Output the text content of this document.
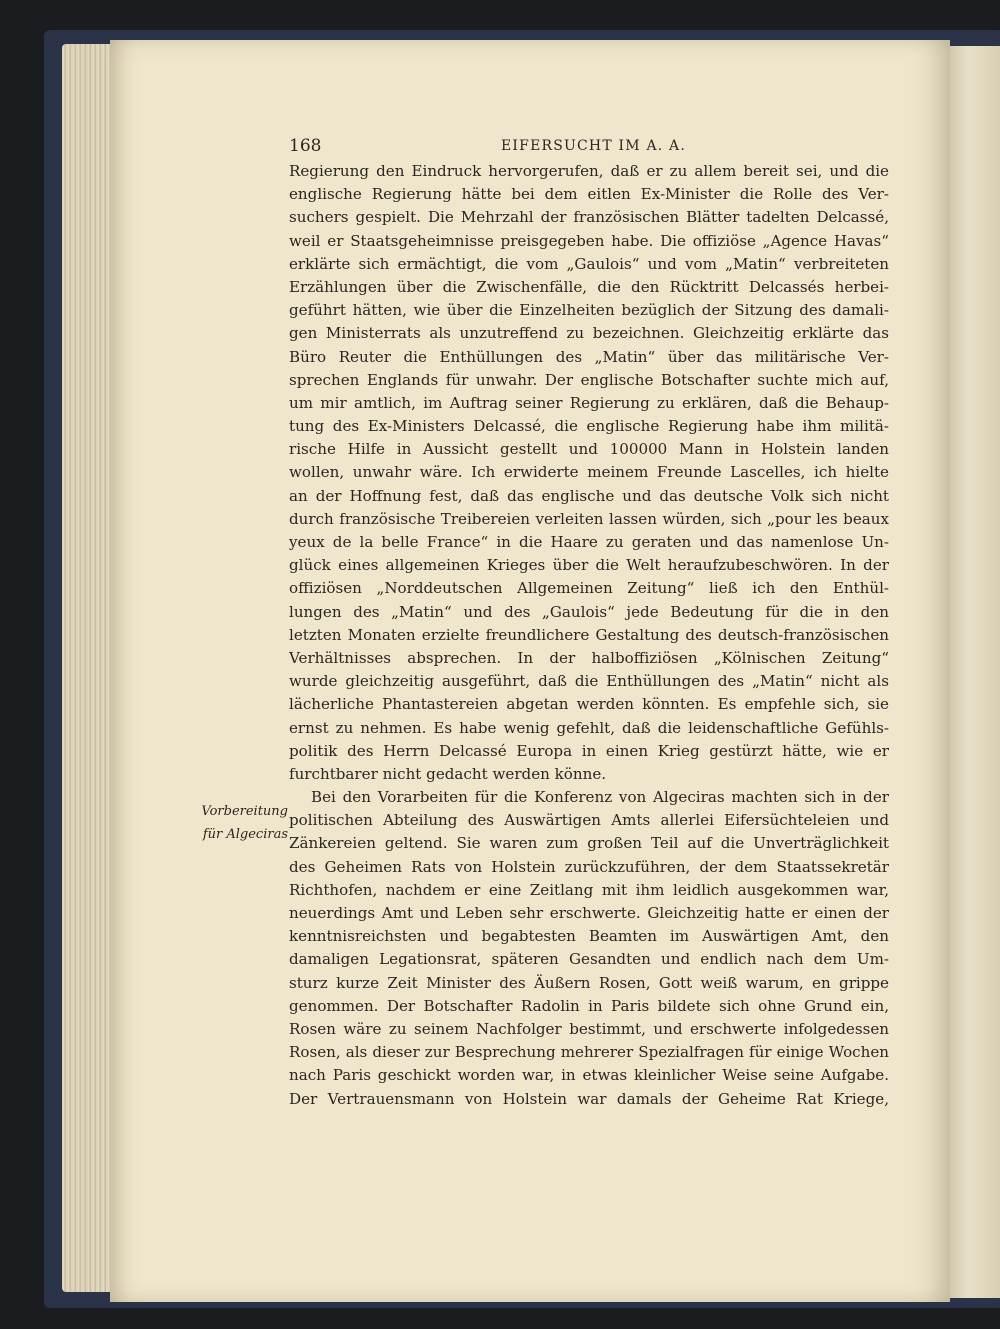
168	EIFERSUCHT IM A. A.
Vorbereitung
für Algeciras
Regierung den Eindruck hervorgerufen, daß er zu allem bereit sei, und die
englische Regierung hätte bei dem eitlen Ex-Minister die Rolle des Ver-
suchers gespielt. Die Mehrzahl der französischen Blätter tadelten Delcassé,
weil er Staatsgeheimnisse preisgegeben habe. Die offiziöse „Agence Havas“
erklärte sich ermächtigt, die vom „Gaulois“ und vom „Matin“ verbreiteten
Erzählungen über die Zwischenfälle, die den Rücktritt Delcassés herbei-
geführt hätten, wie über die Einzelheiten bezüglich der Sitzung des damali-
gen Ministerrats als unzutreffend zu bezeichnen. Gleichzeitig erklärte das
Büro Reuter die Enthüllungen des „Matin“ über das militärische Ver-
sprechen Englands für unwahr. Der englische Botschafter suchte mich auf,
um mir amtlich, im Auftrag seiner Regierung zu erklären, daß die Behaup-
tung des Ex-Ministers Delcassé, die englische Regierung habe ihm militä-
rische Hilfe in Aussicht gestellt und 100000 Mann in Holstein landen
wollen, unwahr wäre. Ich erwiderte meinem Freunde Lascelles, ich hielte
an der Hoffnung fest, daß das englische und das deutsche Volk sich nicht
durch französische Treibereien verleiten lassen würden, sich „pour les beaux
yeux de la belle France“ in die Haare zu geraten und das namenlose Un-
glück eines allgemeinen Krieges über die Welt heraufzubeschwören. In der
offiziösen „Norddeutschen Allgemeinen Zeitung“ ließ ich den Enthül-
lungen des „Matin“ und des „Gaulois“ jede Bedeutung für die in den
letzten Monaten erzielte freundlichere Gestaltung des deutsch-französischen
Verhältnisses absprechen. In der halboffiziösen „Kölnischen Zeitung“
wurde gleichzeitig ausgeführt, daß die Enthüllungen des „Matin“ nicht als
lächerliche Phantastereien abgetan werden könnten. Es empfehle sich, sie
ernst zu nehmen. Es habe wenig gefehlt, daß die leidenschaftliche Gefühls-
politik des Herrn Delcassé Europa in einen Krieg gestürzt hätte, wie er
furchtbarer nicht gedacht werden könne.
Bei den Vorarbeiten für die Konferenz von Algeciras machten sich in der
politischen Abteilung des Auswärtigen Amts allerlei Eifersüchteleien und
Zänkereien geltend. Sie waren zum großen Teil auf die Unverträglichkeit
des Geheimen Rats von Holstein zurückzuführen, der dem Staatssekretär
Richthofen, nachdem er eine Zeitlang mit ihm leidlich ausgekommen war,
neuerdings Amt und Leben sehr erschwerte. Gleichzeitig hatte er einen der
kenntnisreichsten und begabtesten Beamten im Auswärtigen Amt, den
damaligen Legationsrat, späteren Gesandten und endlich nach dem Um-
sturz kurze Zeit Minister des Äußern Rosen, Gott weiß warum, en grippe
genommen. Der Botschafter Radolin in Paris bildete sich ohne Grund ein,
Rosen wäre zu seinem Nachfolger bestimmt, und erschwerte infolgedessen
Rosen, als dieser zur Besprechung mehrerer Spezialfragen für einige Wochen
nach Paris geschickt worden war, in etwas kleinlicher Weise seine Aufgabe.
Der Vertrauensmann von Holstein war damals der Geheime Rat Kriege,
